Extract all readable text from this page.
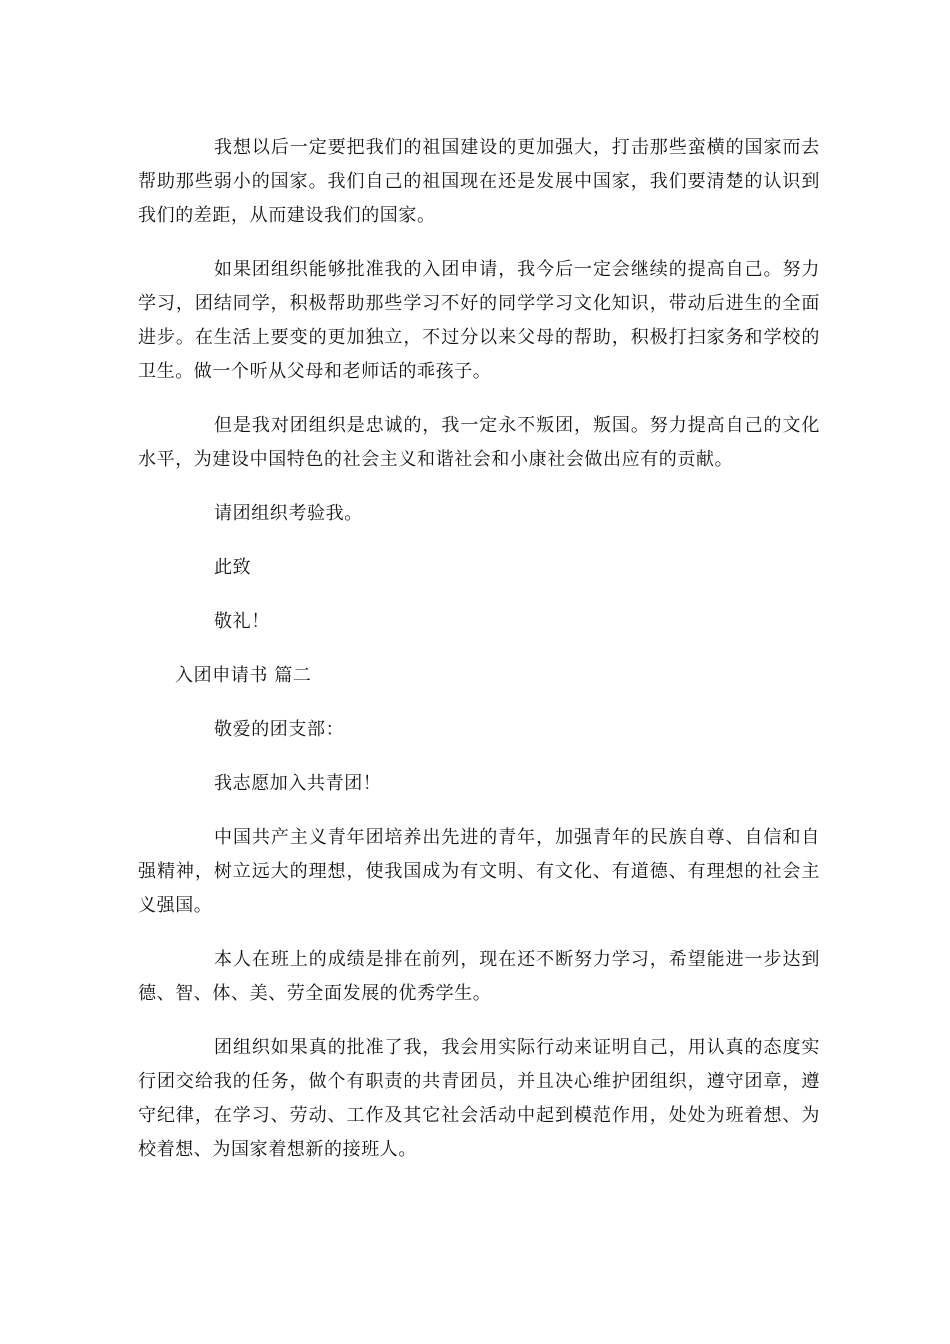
我想以后一定要把我们的祖国建设的更加强大，打击那些蛮横的国家而去帮助那些弱小的国家。我们自己的祖国现在还是发展中国家，我们要清楚的认识到我们的差距，从而建设我们的国家。

如果团组织能够批准我的入团申请，我今后一定会继续的提高自己。努力学习，团结同学，积极帮助那些学习不好的同学学习文化知识，带动后进生的全面进步。在生活上要变的更加独立，不过分以来父母的帮助，积极打扫家务和学校的卫生。做一个听从父母和老师话的乖孩子。

但是我对团组织是忠诚的，我一定永不叛团，叛国。努力提高自己的文化水平，为建设中国特色的社会主义和谐社会和小康社会做出应有的贡献。

请团组织考验我。

此致

敬礼！

入团申请书 篇二

敬爱的团支部：

我志愿加入共青团！

中国共产主义青年团培养出先进的青年，加强青年的民族自尊、自信和自强精神，树立远大的理想，使我国成为有文明、有文化、有道德、有理想的社会主义强国。

本人在班上的成绩是排在前列，现在还不断努力学习，希望能进一步达到德、智、体、美、劳全面发展的优秀学生。

团组织如果真的批准了我，我会用实际行动来证明自己，用认真的态度实行团交给我的任务，做个有职责的共青团员，并且决心维护团组织，遵守团章，遵守纪律，在学习、劳动、工作及其它社会活动中起到模范作用，处处为班着想、为校着想、为国家着想新的接班人。
